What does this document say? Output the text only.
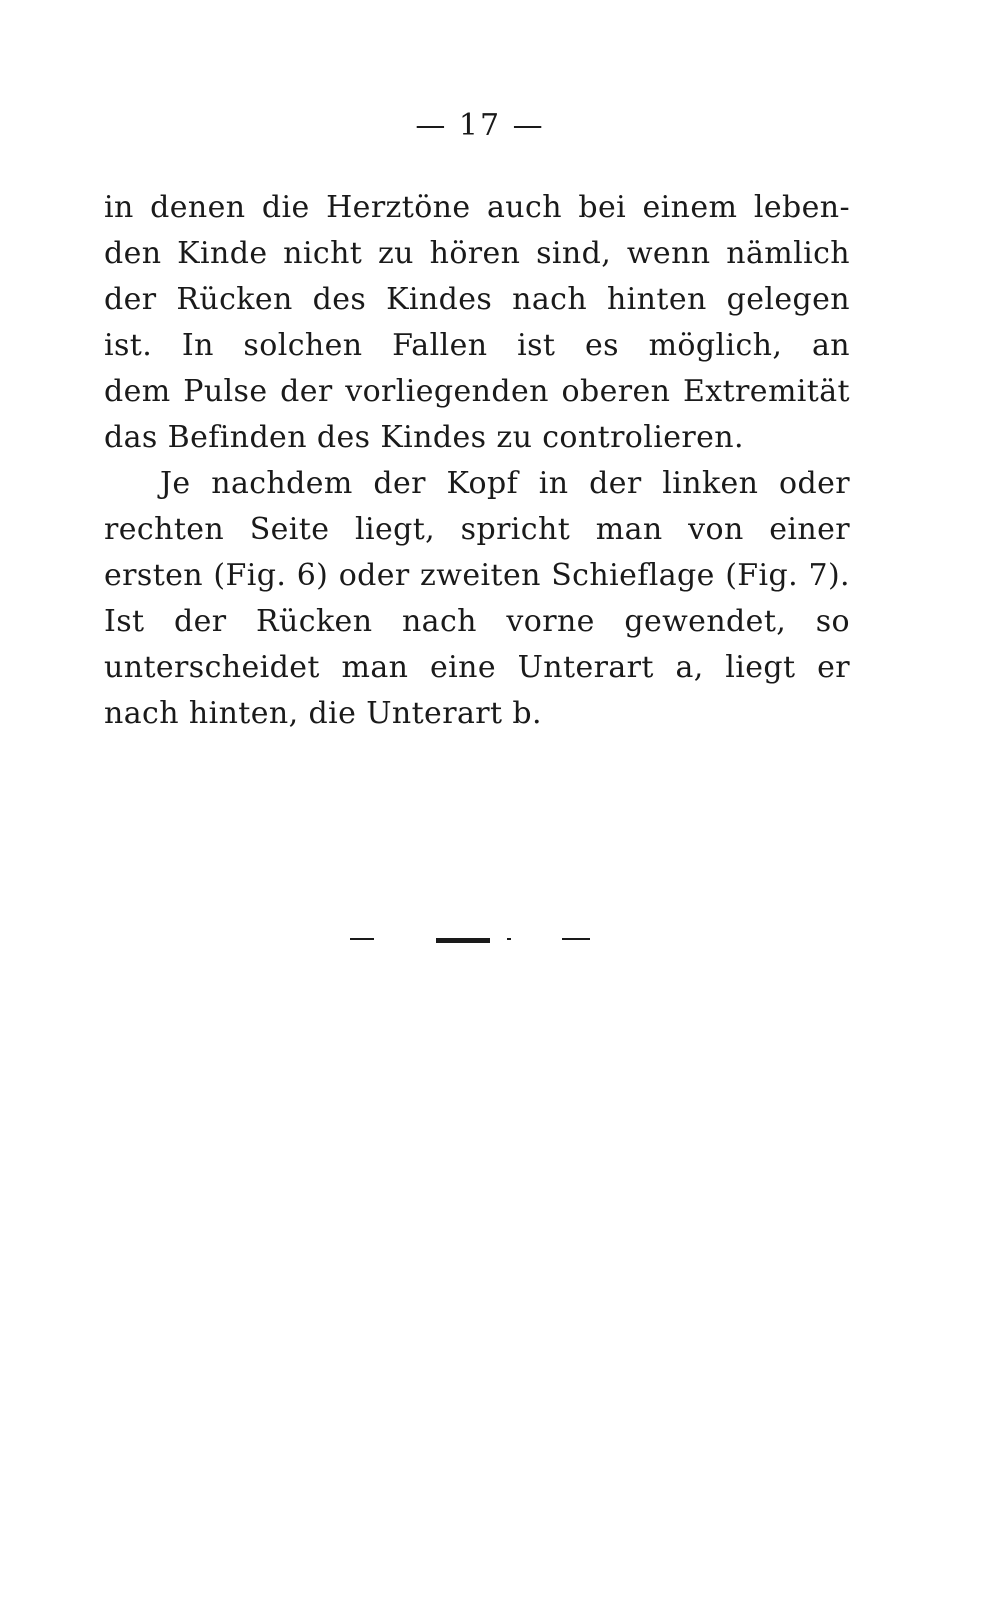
— 17 —
in denen die Herztöne auch bei einem leben-
den Kinde nicht zu hören sind, wenn nämlich
der Rücken des Kindes nach hinten gelegen
ist. In solchen Fallen ist es möglich, an
dem Pulse der vorliegenden oberen Extremität
das Befinden des Kindes zu controlieren.
Je nachdem der Kopf in der linken oder
rechten Seite liegt, spricht man von einer
ersten (Fig. 6) oder zweiten Schieflage (Fig. 7).
Ist der Rücken nach vorne gewendet, so
unterscheidet man eine Unterart a, liegt er
nach hinten, die Unterart b.
